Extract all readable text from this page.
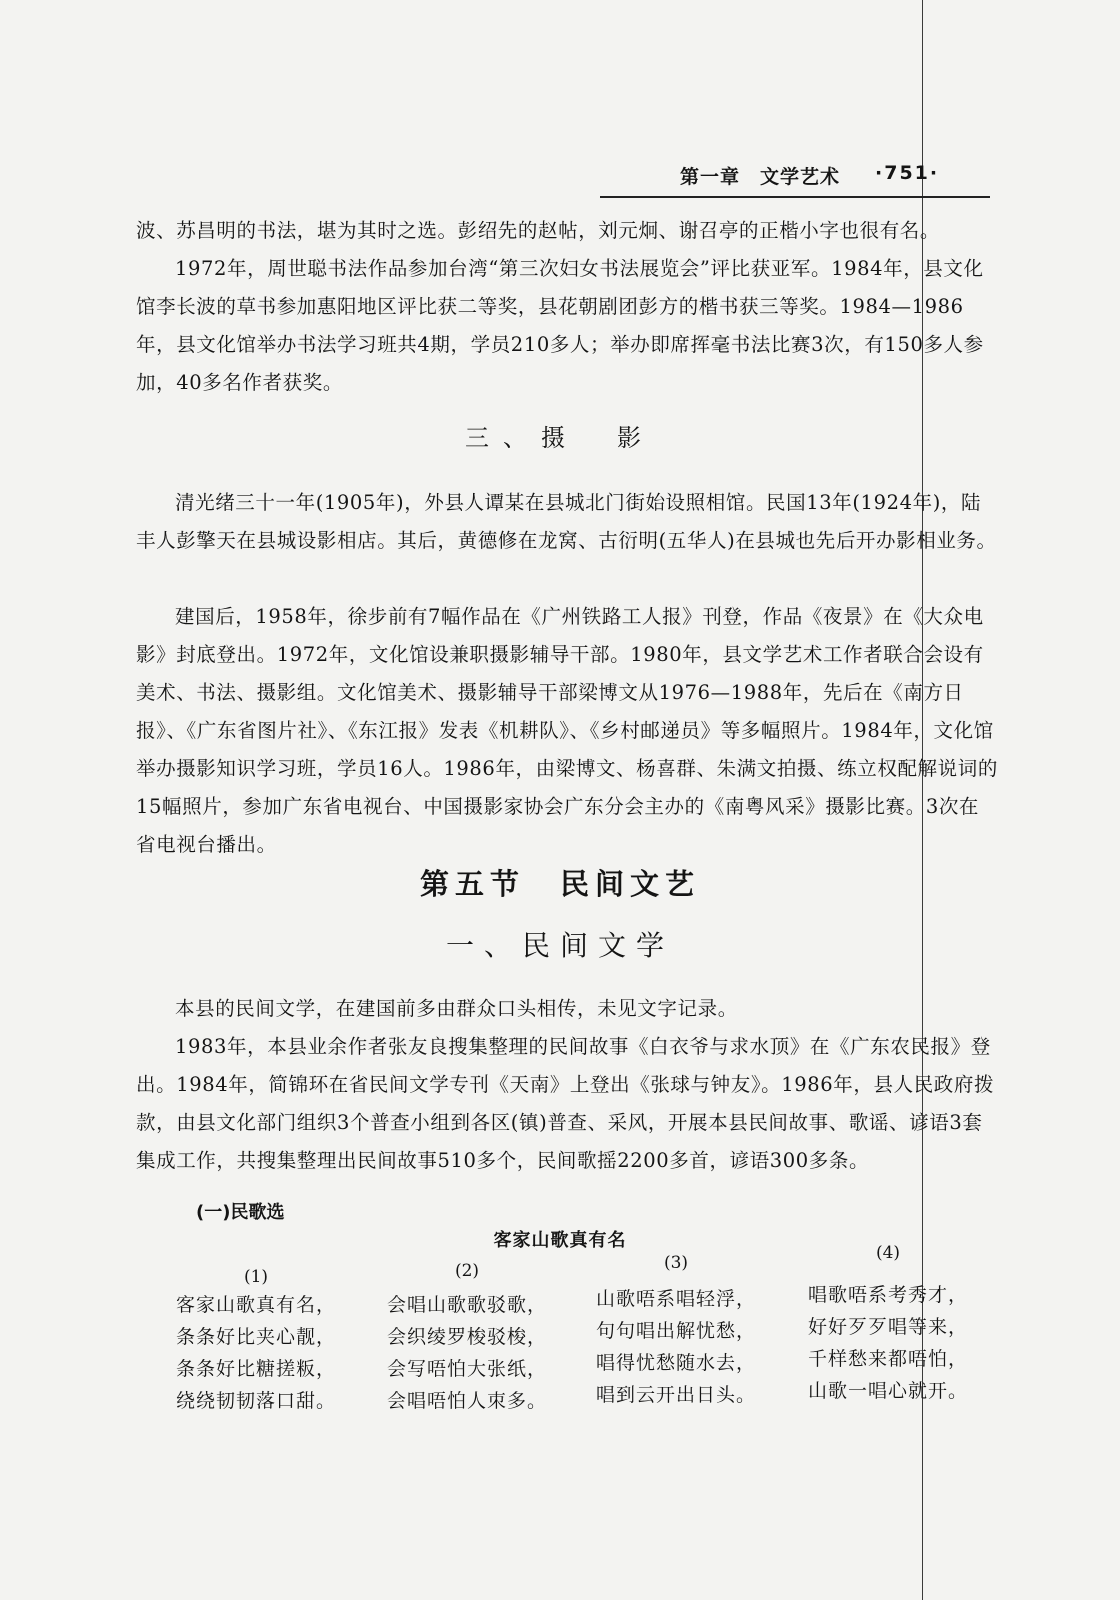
第一章 文学艺术 ·751·
波、苏昌明的书法，堪为其时之选。彭绍先的赵帖，刘元炯、谢召亭的正楷小字也很有名。
1972年，周世聪书法作品参加台湾“第三次妇女书法展览会”评比获亚军。1984年，县文化馆李长波的草书参加惠阳地区评比获二等奖，县花朝剧团彭方的楷书获三等奖。1984—1986年，县文化馆举办书法学习班共4期，学员210多人；举办即席挥毫书法比赛3次，有150多人参加，40多名作者获奖。
三、摄　影
清光绪三十一年(1905年)，外县人谭某在县城北门街始设照相馆。民国13年(1924年)，陆丰人彭擎天在县城设影相店。其后，黄德修在龙窝、古衍明(五华人)在县城也先后开办影相业务。
建国后，1958年，徐步前有7幅作品在《广州铁路工人报》刊登，作品《夜景》在《大众电影》封底登出。1972年，文化馆设兼职摄影辅导干部。1980年，县文学艺术工作者联合会设有美术、书法、摄影组。文化馆美术、摄影辅导干部梁博文从1976—1988年，先后在《南方日报》、《广东省图片社》、《东江报》发表《机耕队》、《乡村邮递员》等多幅照片。1984年，文化馆举办摄影知识学习班，学员16人。1986年，由梁博文、杨喜群、朱满文拍摄、练立权配解说词的15幅照片，参加广东省电视台、中国摄影家协会广东分会主办的《南粤风采》摄影比赛。3次在省电视台播出。
第五节　民间文艺
一、民间文学
本县的民间文学，在建国前多由群众口头相传，未见文字记录。
1983年，本县业余作者张友良搜集整理的民间故事《白衣爷与求水顶》在《广东农民报》登出。1984年，简锦环在省民间文学专刊《天南》上登出《张球与钟友》。1986年，县人民政府拨款，由县文化部门组织3个普查小组到各区(镇)普查、采风，开展本县民间故事、歌谣、谚语3套集成工作，共搜集整理出民间故事510多个，民间歌摇2200多首，谚语300多条。
(一)民歌选
客家山歌真有名
(1)
客家山歌真有名，
条条好比夹心靓，
条条好比糖搓粄，
绕绕韧韧落口甜。
(2)
会唱山歌歌驳歌，
会织绫罗梭驳梭，
会写唔怕大张纸，
会唱唔怕人朿多。
(3)
山歌唔系唱轻浮，
句句唱出解忧愁，
唱得忧愁随水去，
唱到云开出日头。
(4)
唱歌唔系考秀才，
好好歹歹唱等来，
千样愁来都唔怕，
山歌一唱心就开。
